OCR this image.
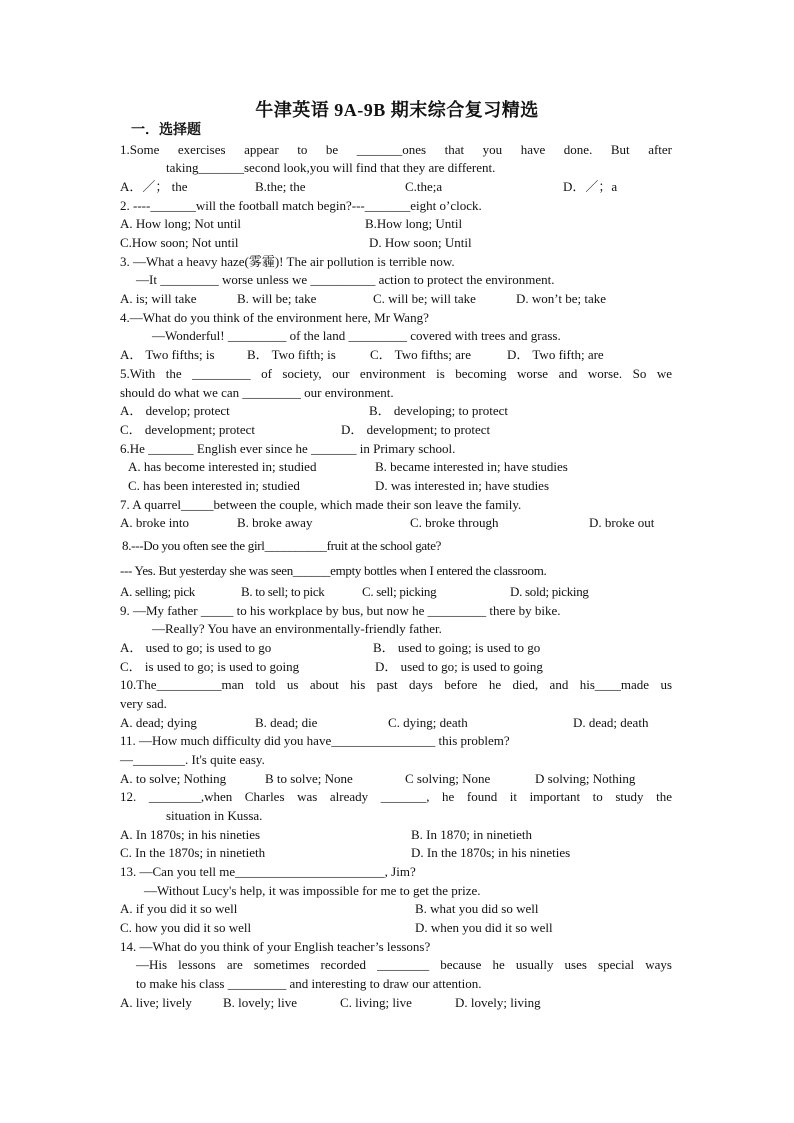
牛津英语 9A-9B 期末综合复习精选
一．选择题
1.Some exercises appear to be _______ones that you have done. But after
taking_______second look,you will find that they are different.
A．／； the	B.the; the	C.the;a	D．／；a
2. ----_______will the football match begin?---_______eight o’clock.
A. How long; Not until	B.How long; Until
C.How soon; Not until	D. How soon; Until
3. —What a heavy haze(雾霾)! The air pollution is terrible now.
—It _________ worse unless we __________ action to protect the environment.
A. is; will take	B. will be; take	C. will be; will take	D. won’t be; take
4.—What do you think of the environment here, Mr Wang?
—Wonderful! _________ of the land _________ covered with trees and grass.
A． Two fifths; is B． Two fifth; is	C． Two fifths; are	D． Two fifth; are
5.With the _________ of society, our environment is becoming worse and worse. So we
should do what we can _________ our environment.
A． develop; protect	B． developing; to protect
C． development; protect	D． development; to protect
6.He _______ English ever since he _______ in Primary school.
A. has become interested in; studied	B. became interested in; have studies
C. has been interested in; studied	D. was interested in; have studies
7. A quarrel_____between the couple, which made their son leave the family.
A. broke into	B. broke away	C. broke through	D. broke out
8.---Do you often see the girl__________fruit at the school gate?
--- Yes. But yesterday she was seen______empty bottles when I entered the classroom.
A. selling; pick	B. to sell; to pick	C. sell; picking	D. sold; picking
9. —My father _____ to his workplace by bus, but now he _________ there by bike.
—Really? You have an environmentally-friendly father.
A． used to go; is used to go	B． used to going; is used to go
C． is used to go; is used to going	D． used to go; is used to going
10.The__________man told us about his past days before he died, and his____made us
very sad.
A. dead; dying	B. dead; die	C. dying; death	D. dead; death
11. —How much difficulty did you have________________ this problem?
—________. It's quite easy.
A. to solve; Nothing	B to solve; None	C solving; None	D solving; Nothing
12. ________,when Charles was already _______, he found it important to study the
situation in Kussa.
A. In 1870s; in his nineties	B. In 1870; in ninetieth
C. In the 1870s; in ninetieth	D. In the 1870s; in his nineties
13. —Can you tell me_______________________, Jim?
—Without Lucy's help, it was impossible for me to get the prize.
A. if you did it so well	B. what you did so well
C. how you did it so well	D. when you did it so well
14. —What do you think of your English teacher’s lessons?
—His lessons are sometimes recorded ________ because he usually uses special ways
to make his class _________ and interesting to draw our attention.
A. live; lively B. lovely; live	C. living; live	D. lovely; living
